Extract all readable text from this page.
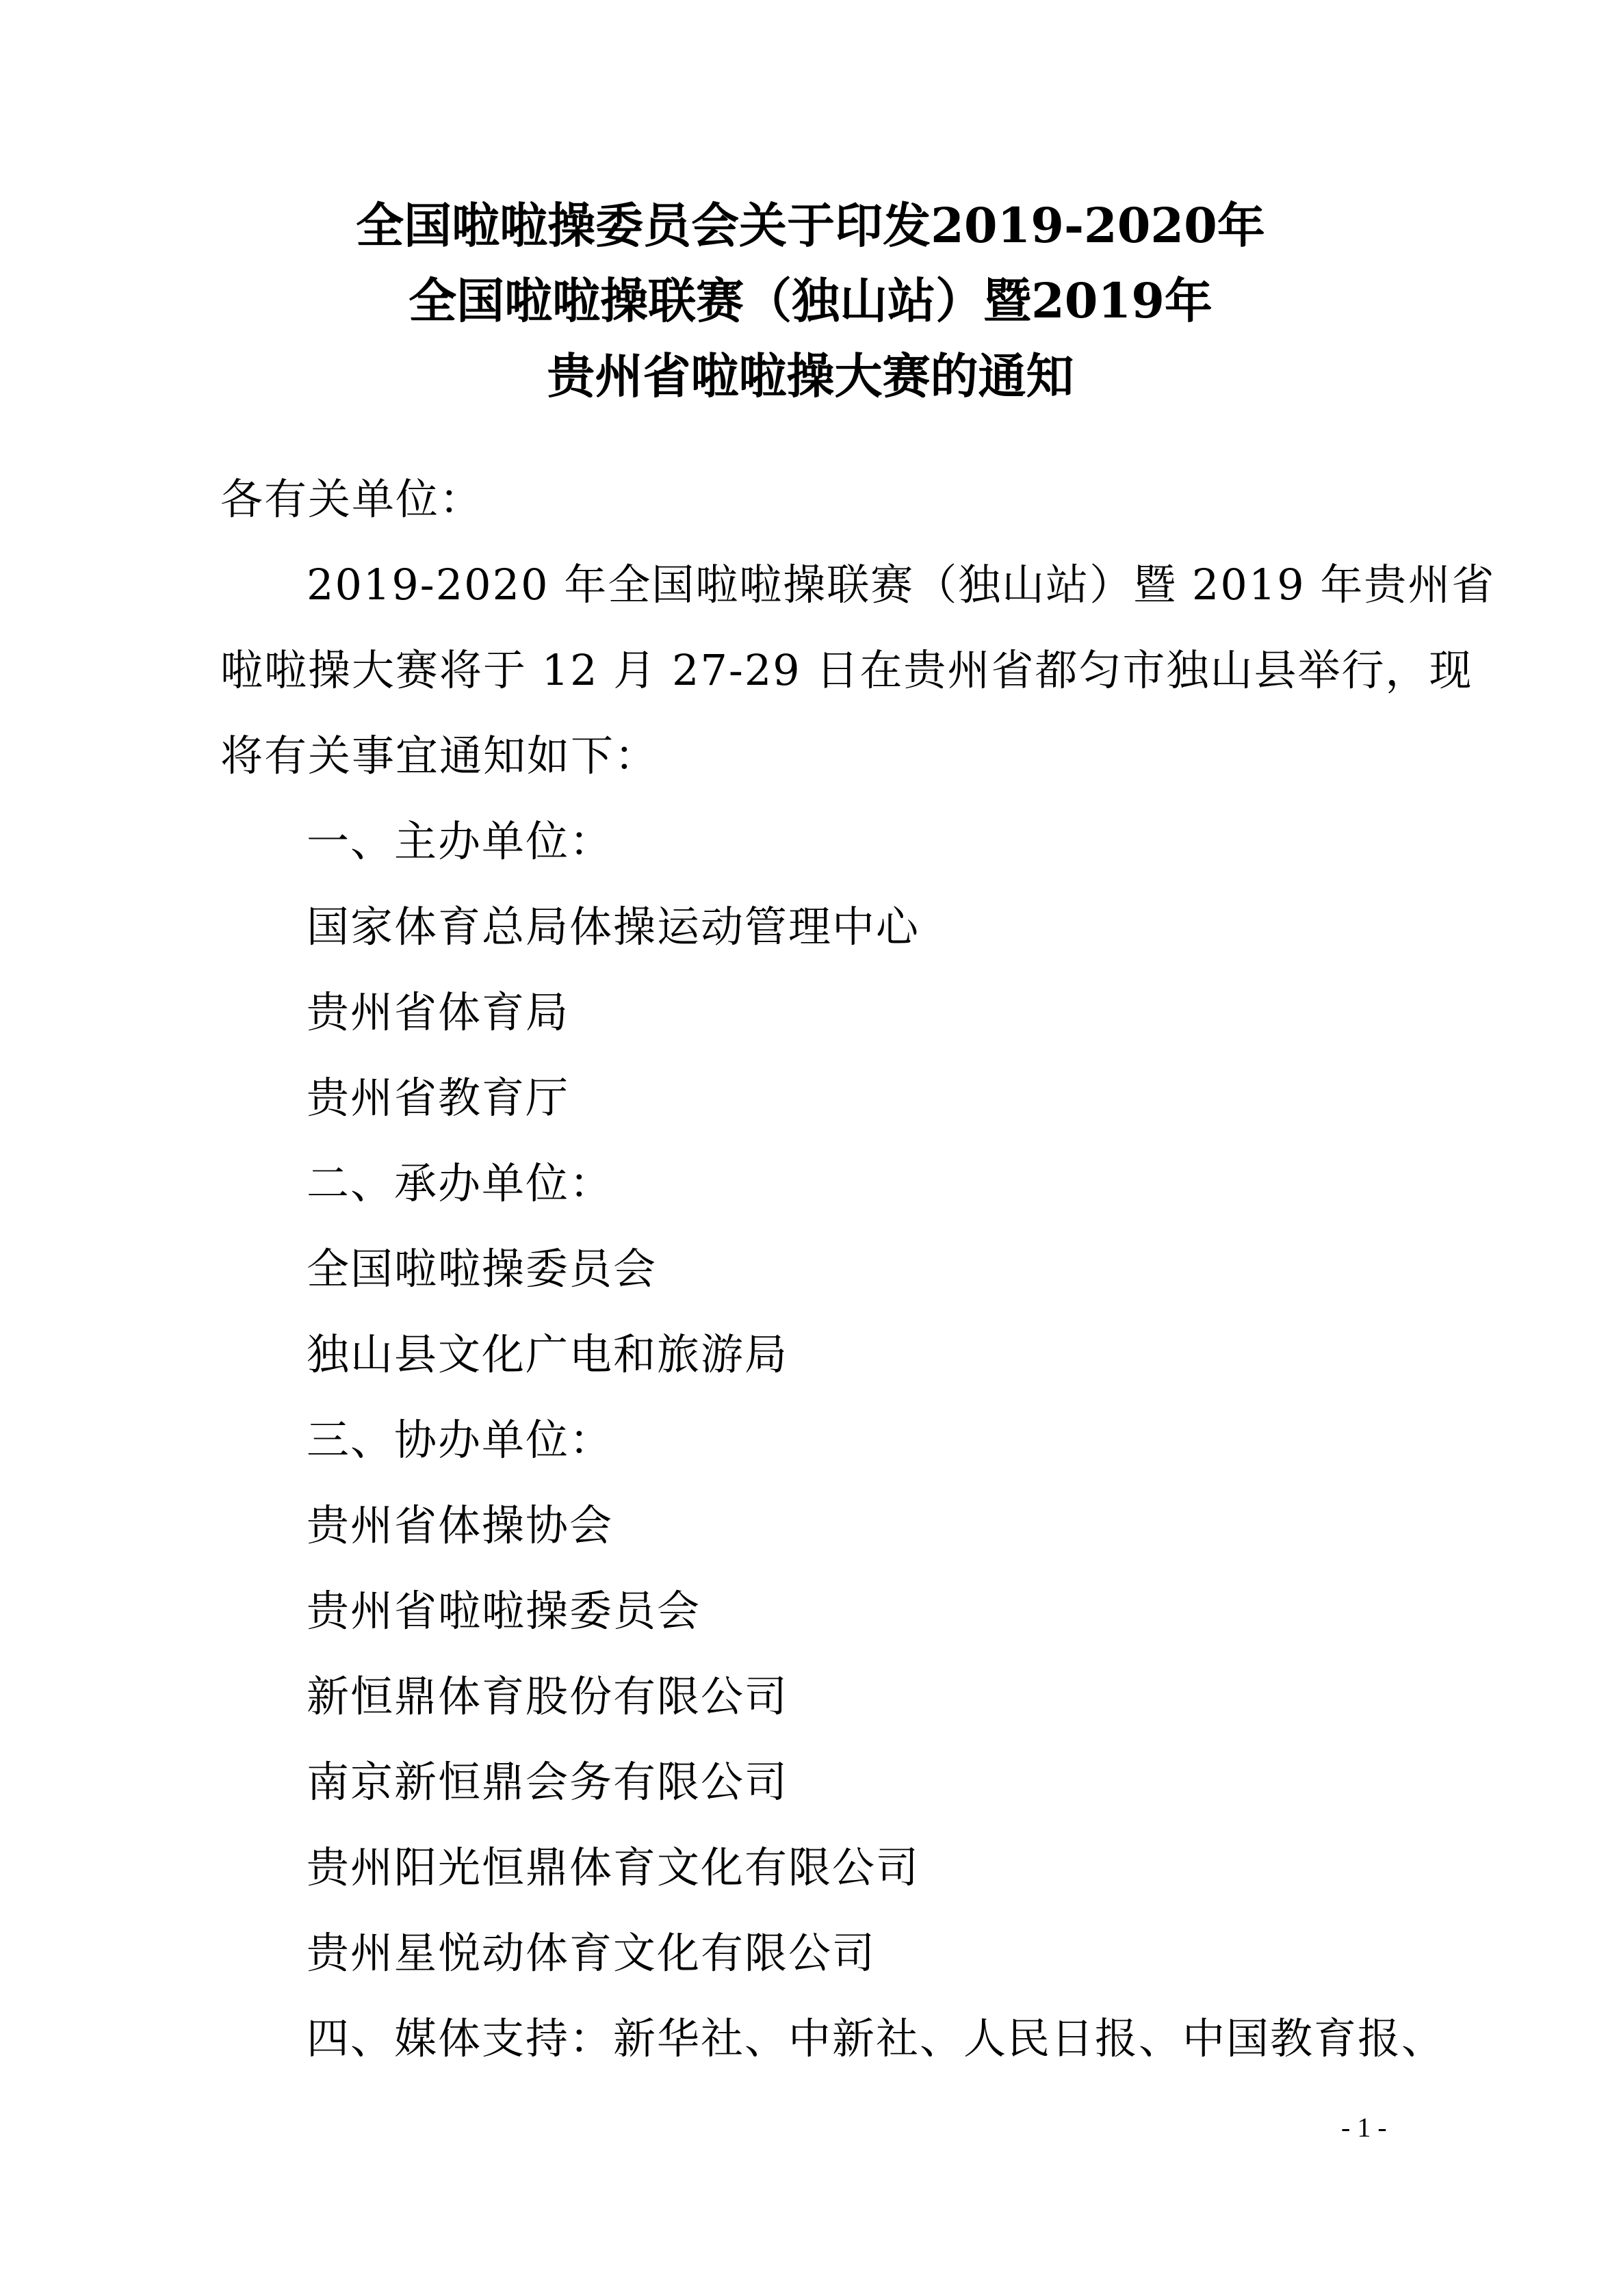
全国啦啦操委员会关于印发2019-2020年
全国啦啦操联赛（独山站）暨2019年
贵州省啦啦操大赛的通知
各有关单位：
2019-2020 年全国啦啦操联赛（独山站）暨 2019 年贵州省
啦啦操大赛将于 12 月 27-29 日在贵州省都匀市独山县举行，现
将有关事宜通知如下：
一、主办单位：
国家体育总局体操运动管理中心
贵州省体育局
贵州省教育厅
二、承办单位：
全国啦啦操委员会
独山县文化广电和旅游局
三、协办单位：
贵州省体操协会
贵州省啦啦操委员会
新恒鼎体育股份有限公司
南京新恒鼎会务有限公司
贵州阳光恒鼎体育文化有限公司
贵州星悦动体育文化有限公司
四、媒体支持：新华社、中新社、人民日报、中国教育报、
- 1 -
